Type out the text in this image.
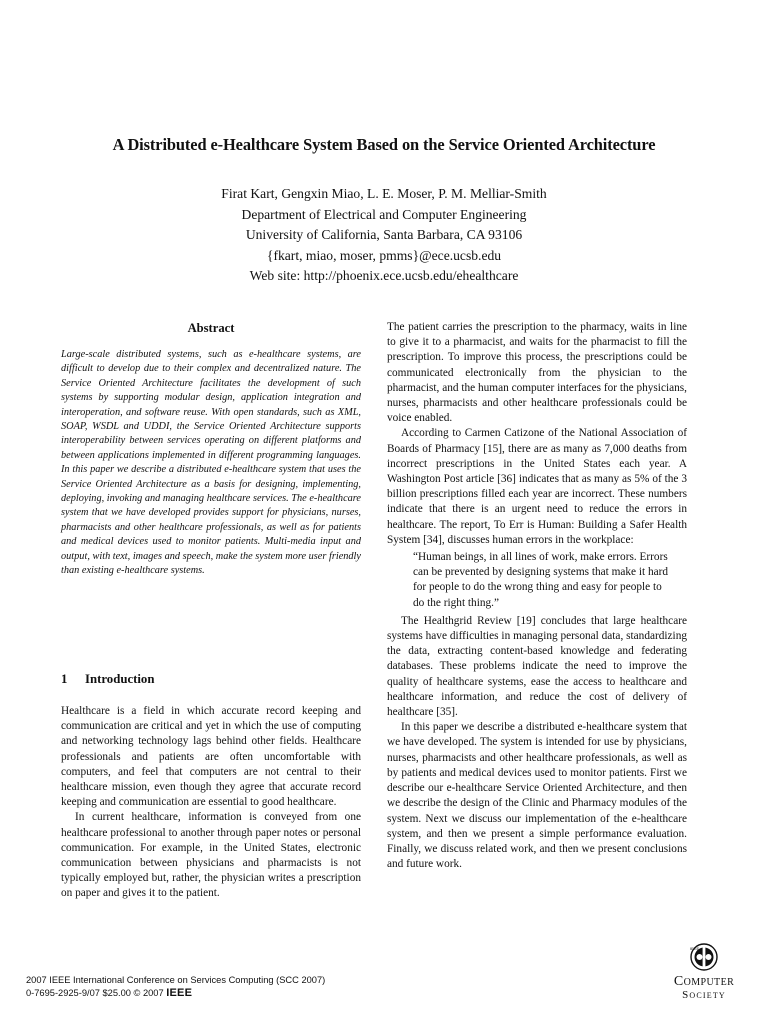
A Distributed e-Healthcare System Based on the Service Oriented Architecture
Firat Kart, Gengxin Miao, L. E. Moser, P. M. Melliar-Smith
Department of Electrical and Computer Engineering
University of California, Santa Barbara, CA 93106
{fkart, miao, moser, pmms}@ece.ucsb.edu
Web site: http://phoenix.ece.ucsb.edu/ehealthcare
Abstract

Large-scale distributed systems, such as e-healthcare systems, are difficult to develop due to their complex and decentralized nature. The Service Oriented Architecture facilitates the development of such systems by supporting modular design, application integration and interoperation, and software reuse. With open standards, such as XML, SOAP, WSDL and UDDI, the Service Oriented Architecture supports interoperability between services operating on different platforms and between applications implemented in different programming languages. In this paper we describe a distributed e-healthcare system that uses the Service Oriented Architecture as a basis for designing, implementing, deploying, invoking and managing healthcare services. The e-healthcare system that we have developed provides support for physicians, nurses, pharmacists and other healthcare professionals, as well as for patients and medical devices used to monitor patients. Multi-media input and output, with text, images and speech, make the system more user friendly than existing e-healthcare systems.

1 Introduction

Healthcare is a field in which accurate record keeping and communication are critical and yet in which the use of computing and networking technology lags behind other fields. Healthcare professionals and patients are often uncomfortable with computers, and feel that computers are not central to their healthcare mission, even though they agree that accurate record keeping and communication are essential to good healthcare.

In current healthcare, information is conveyed from one healthcare professional to another through paper notes or personal communication. For example, in the United States, electronic communication between physicians and pharmacists is not typically employed but, rather, the physician writes a prescription on paper and gives it to the patient.

The patient carries the prescription to the pharmacy, waits in line to give it to a pharmacist, and waits for the pharmacist to fill the prescription. To improve this process, the prescriptions could be communicated electronically from the physician to the pharmacist, and the human computer interfaces for the physicians, nurses, pharmacists and other healthcare professionals could be voice enabled.

According to Carmen Catizone of the National Association of Boards of Pharmacy [15], there are as many as 7,000 deaths from incorrect prescriptions in the United States each year. A Washington Post article [36] indicates that as many as 5% of the 3 billion prescriptions filled each year are incorrect. These numbers indicate that there is an urgent need to reduce the errors in healthcare. The report, To Err is Human: Building a Safer Health System [34], discusses human errors in the workplace:

“Human beings, in all lines of work, make errors. Errors can be prevented by designing systems that make it hard for people to do the wrong thing and easy for people to do the right thing.”

The Healthgrid Review [19] concludes that large healthcare systems have difficulties in managing personal data, standardizing the data, extracting content-based knowledge and federating databases. These problems indicate the need to improve the quality of healthcare systems, ease the access to healthcare and healthcare information, and reduce the cost of delivery of healthcare [35].

In this paper we describe a distributed e-healthcare system that we have developed. The system is intended for use by physicians, nurses, pharmacists and other healthcare professionals, as well as by patients and medical devices used to monitor patients. First we describe our e-healthcare Service Oriented Architecture, and then we describe the design of the Clinic and Pharmacy modules of the system. Next we discuss our implementation of the e-healthcare system, and then we present a simple performance evaluation. Finally, we discuss related work, and then we present conclusions and future work.

2007 IEEE International Conference on Services Computing (SCC 2007)
0-7695-2925-9/07 $25.00 © 2007 IEEE
IEEE
Computer
Society
